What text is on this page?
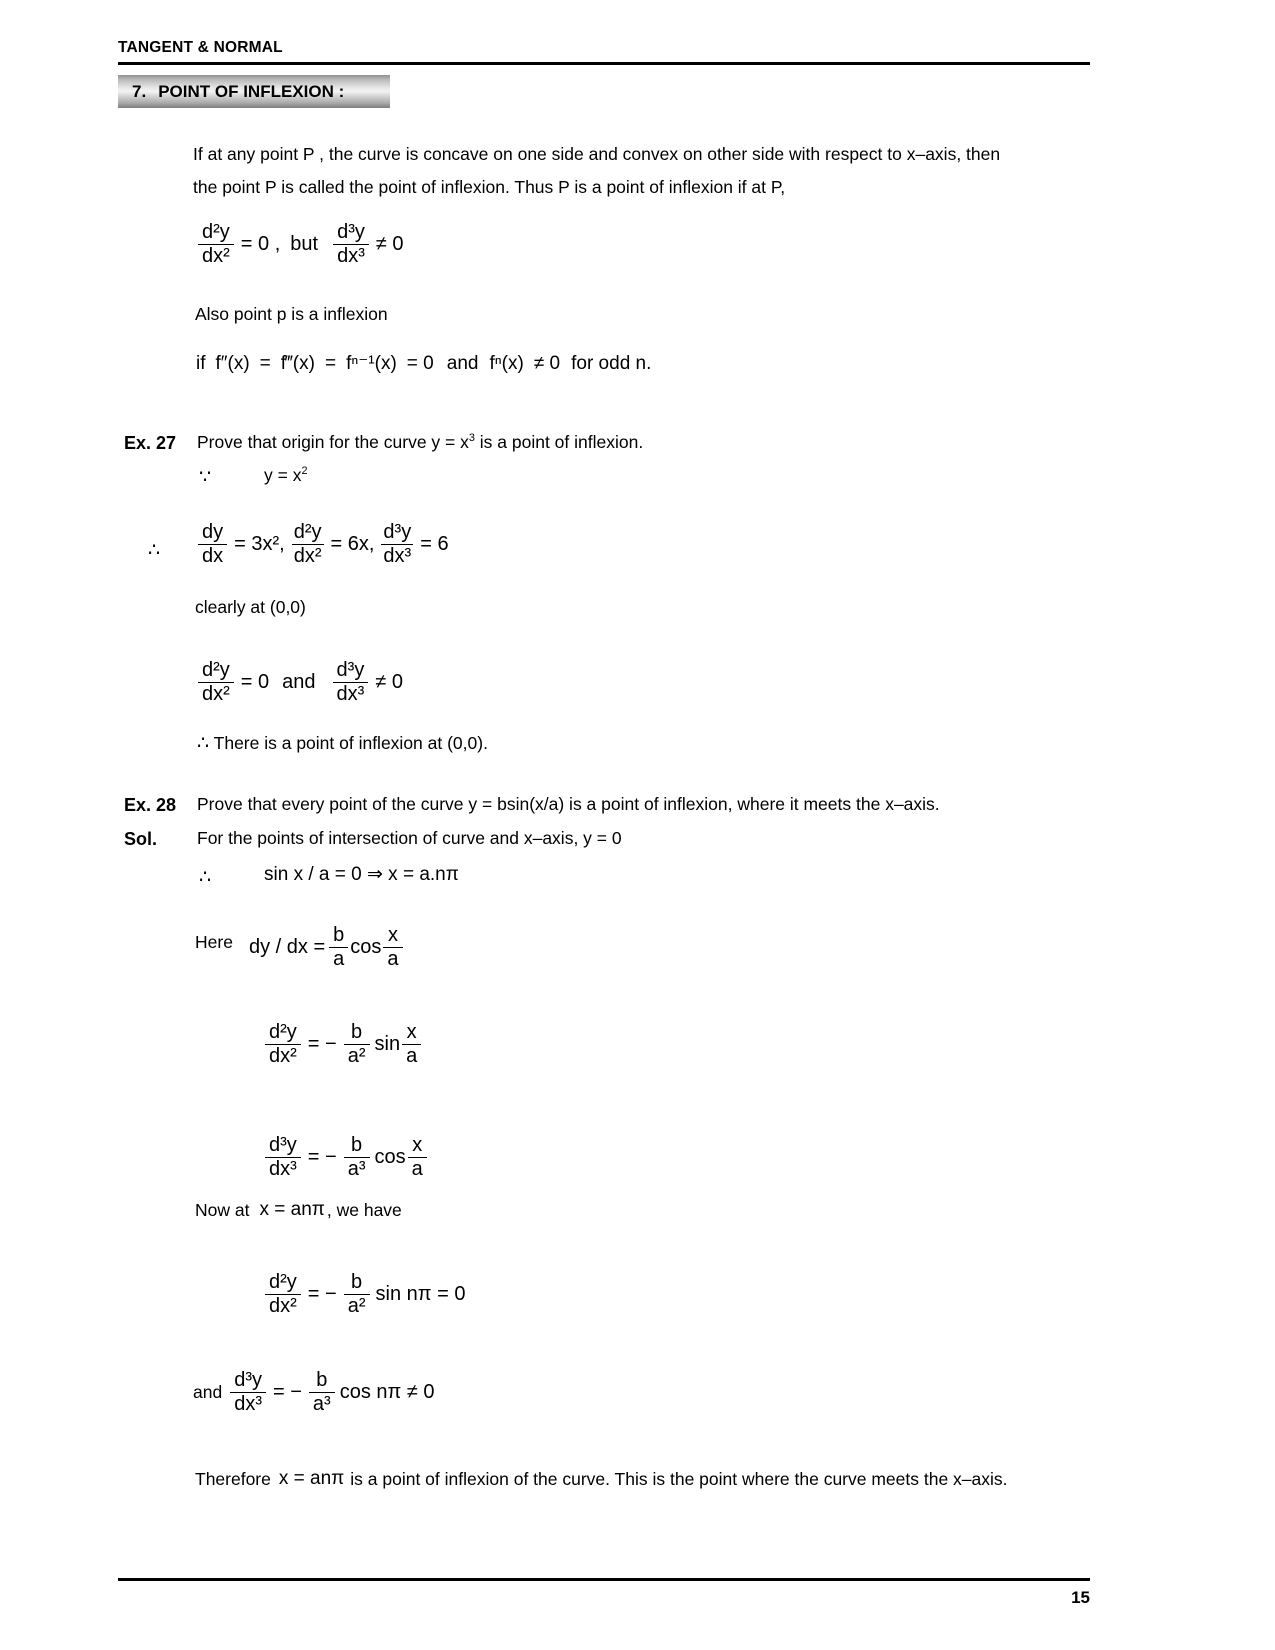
TANGENT & NORMAL
7. POINT OF INFLEXION :
If at any point P , the curve is concave on one side and convex on other side with respect to x–axis, then
the point P is called the point of inflexion. Thus P is a point of inflexion if at P,
$\frac{\text{d²y}}{\text{dx²}} = 0$ , but $\frac{\text{d³y}}{\text{dx³}} \ne 0$
Also point p is a inflexion
if f″(x) = f‴(x) = fⁿ⁻¹(x) = 0 and fⁿ(x) ≠ 0 for odd n.
Ex. 27 Prove that origin for the curve $y = x^3$ is a point of inflexion.
∵	$y = x^2$
∴ $\frac{dy}{dx} = 3x^2$, $\frac{\text{d²y}}{\text{dx²}} = 6x$, $\frac{\text{d³y}}{\text{dx³}} = 6$
clearly at (0,0)
$\frac{\text{d²y}}{\text{dx²}} = 0$ and $\frac{\text{d³y}}{\text{dx³}} \ne 0$
∴ There is a point of inflexion at (0,0).
Ex. 28 Prove that every point of the curve y = bsin(x/a) is a point of inflexion, where it meets the x–axis.
Sol. For the points of intersection of curve and x–axis, y = 0
∴	sin x / a = 0 ⇒ x = a.nπ
Here dy / dx = $\frac{b}{a}$ $\cos \frac{x}{a}$
$\frac{\text{d²y}}{\text{dx²}}$ = − $\frac{b}{\text{a²}}$ $\sin \frac{x}{a}$
$\frac{\text{d³y}}{\text{dx³}}$ = − $\frac{b}{\text{a³}}$ $\cos \frac{x}{a}$
Now at x = anπ , we have
$\frac{\text{d²y}}{\text{dx²}}$ = − $\frac{b}{\text{a²}}$ sin nπ = 0
and $\frac{\text{d³y}}{\text{dx³}}$ = − $\frac{b}{\text{a³}}$ cos nπ ≠ 0
Therefore x = anπ is a point of inflexion of the curve. This is the point where the curve meets the x–axis.
15
